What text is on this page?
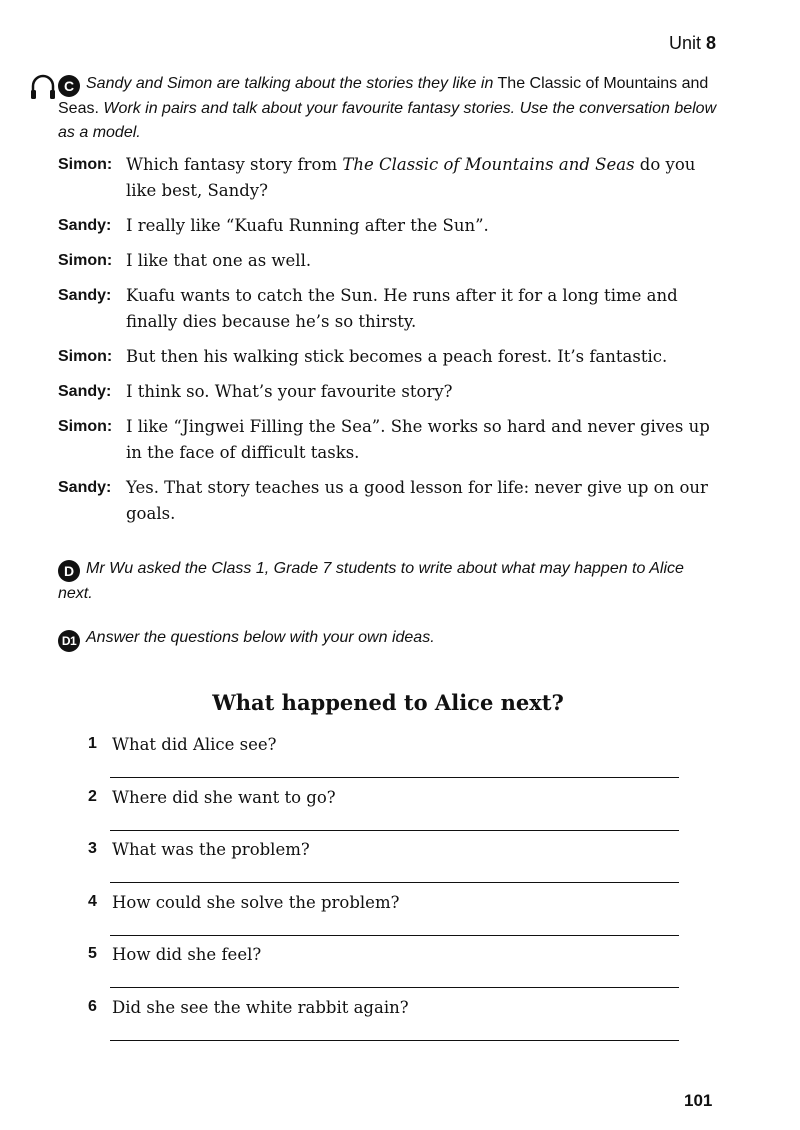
Unit 8
C Sandy and Simon are talking about the stories they like in The Classic of Mountains and Seas. Work in pairs and talk about your favourite fantasy stories. Use the conversation below as a model.
Simon: Which fantasy story from The Classic of Mountains and Seas do you like best, Sandy?
Sandy: I really like “Kuafu Running after the Sun”.
Simon: I like that one as well.
Sandy: Kuafu wants to catch the Sun. He runs after it for a long time and finally dies because he’s so thirsty.
Simon: But then his walking stick becomes a peach forest. It’s fantastic.
Sandy: I think so. What’s your favourite story?
Simon: I like “Jingwei Filling the Sea”. She works so hard and never gives up in the face of difficult tasks.
Sandy: Yes. That story teaches us a good lesson for life: never give up on our goals.
D Mr Wu asked the Class 1, Grade 7 students to write about what may happen to Alice next.
D1 Answer the questions below with your own ideas.
What happened to Alice next?
1 What did Alice see?
2 Where did she want to go?
3 What was the problem?
4 How could she solve the problem?
5 How did she feel?
6 Did she see the white rabbit again?
101
